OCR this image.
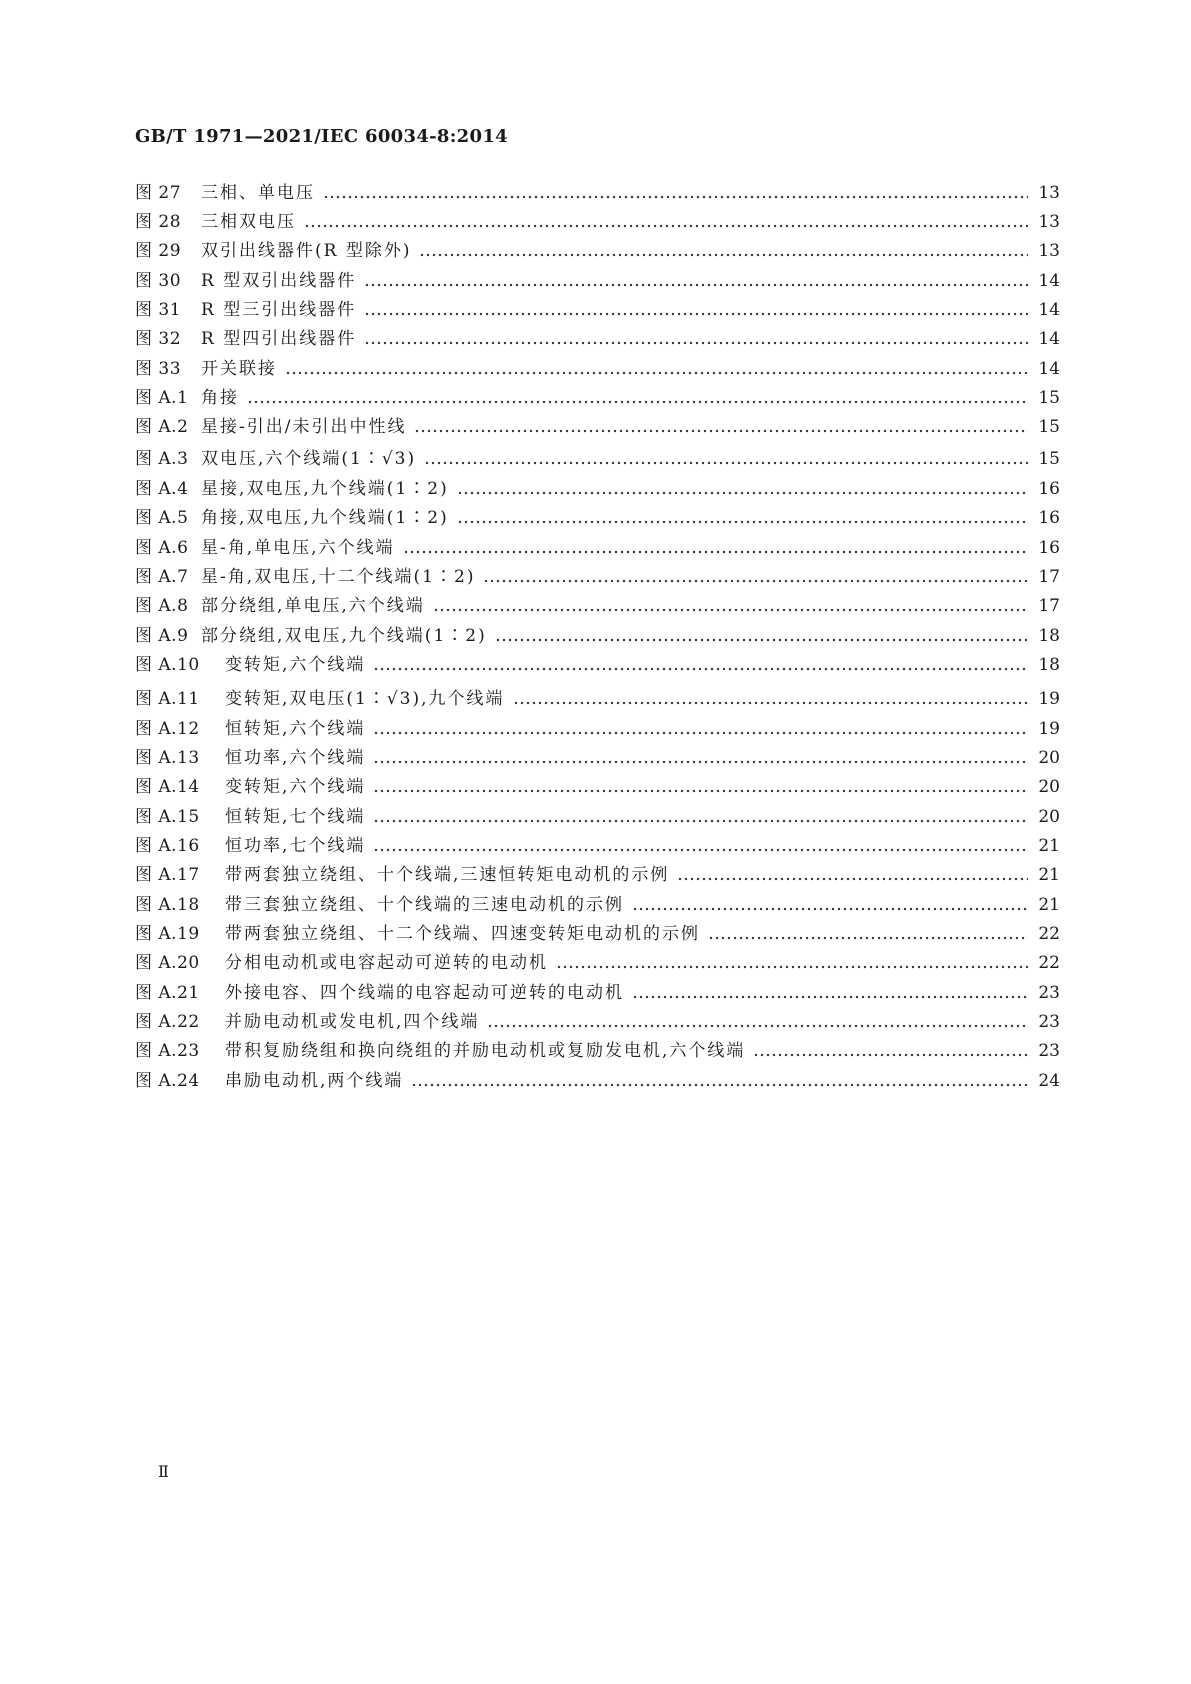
GB/T 1971—2021/IEC 60034-8:2014
图 27	三相、单电压	13
图 28	三相双电压	13
图 29	双引出线器件(R 型除外)	13
图 30	R 型双引出线器件	14
图 31	R 型三引出线器件	14
图 32	R 型四引出线器件	14
图 33	开关联接	14
图 A.1 角接	15
图 A.2 星接-引出/未引出中性线	15
图 A.3 双电压,六个线端(1∶√3)	15
图 A.4 星接,双电压,九个线端(1∶2)	16
图 A.5 角接,双电压,九个线端(1∶2)	16
图 A.6 星-角,单电压,六个线端	16
图 A.7 星-角,双电压,十二个线端(1∶2)	17
图 A.8 部分绕组,单电压,六个线端	17
图 A.9 部分绕组,双电压,九个线端(1∶2)	18
图 A.10	变转矩,六个线端	18
图 A.11	变转矩,双电压(1∶√3),九个线端	19
图 A.12	恒转矩,六个线端	19
图 A.13	恒功率,六个线端	20
图 A.14	变转矩,六个线端	20
图 A.15	恒转矩,七个线端	20
图 A.16	恒功率,七个线端	21
图 A.17	带两套独立绕组、十个线端,三速恒转矩电动机的示例	21
图 A.18	带三套独立绕组、十个线端的三速电动机的示例	21
图 A.19	带两套独立绕组、十二个线端、四速变转矩电动机的示例	22
图 A.20	分相电动机或电容起动可逆转的电动机	22
图 A.21	外接电容、四个线端的电容起动可逆转的电动机	23
图 A.22	并励电动机或发电机,四个线端	23
图 A.23	带积复励绕组和换向绕组的并励电动机或复励发电机,六个线端	23
图 A.24	串励电动机,两个线端	24
Ⅱ
